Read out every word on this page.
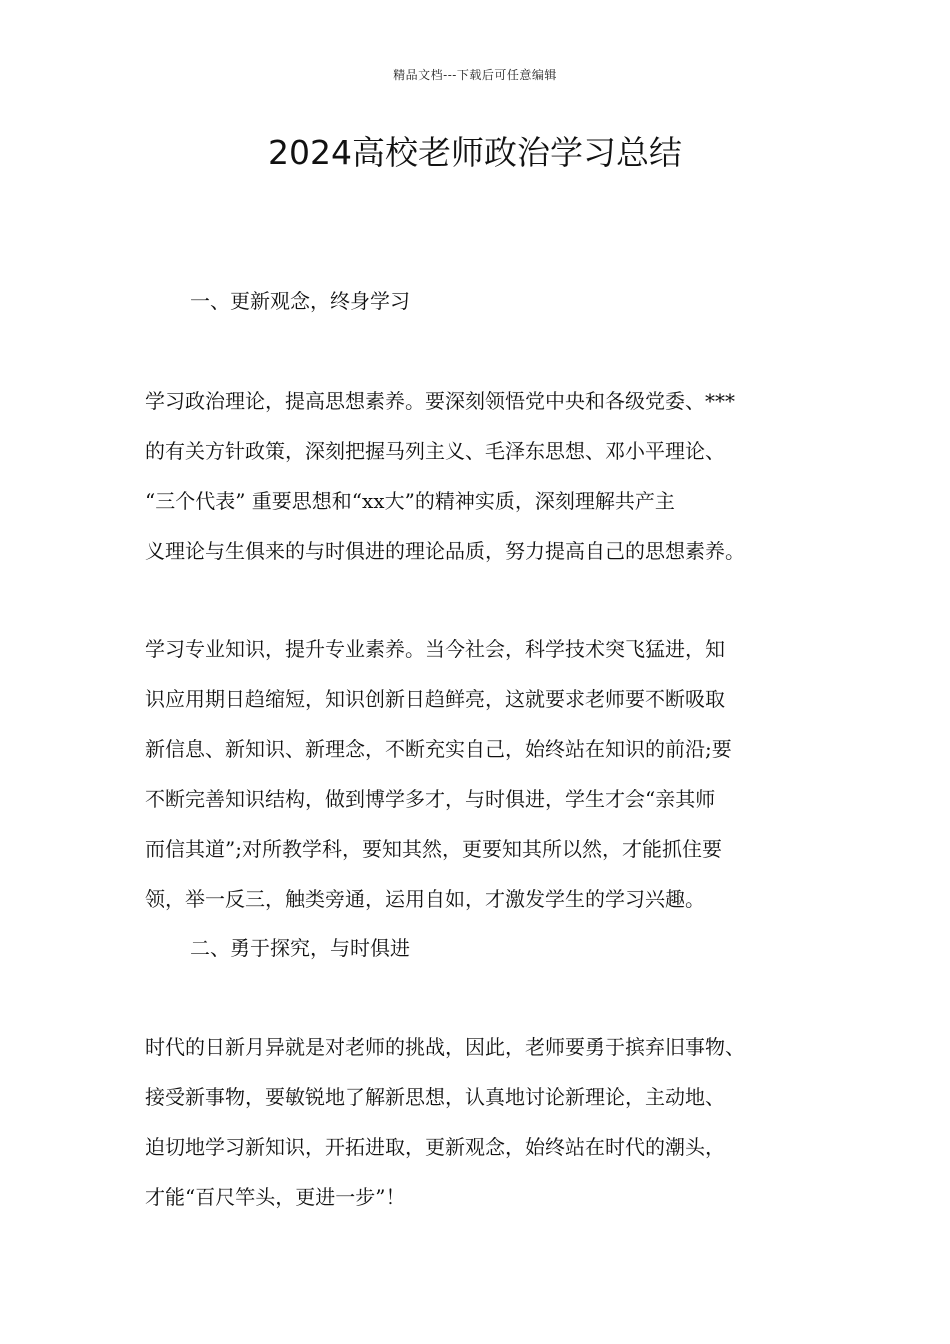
精品文档---下载后可任意编辑
2024高校老师政治学习总结
一、更新观念，终身学习
学习政治理论，提高思想素养。要深刻领悟党中央和各级党委、***
的有关方针政策，深刻把握马列主义、毛泽东思想、邓小平理论、
“三个代表” 重要思想和“xx大”的精神实质，深刻理解共产主
义理论与生俱来的与时俱进的理论品质，努力提高自己的思想素养。
学习专业知识，提升专业素养。当今社会，科学技术突飞猛进，知
识应用期日趋缩短，知识创新日趋鲜亮，这就要求老师要不断吸取
新信息、新知识、新理念，不断充实自己，始终站在知识的前沿;要
不断完善知识结构，做到博学多才，与时俱进，学生才会“亲其师
而信其道”;对所教学科，要知其然，更要知其所以然，才能抓住要
领，举一反三，触类旁通，运用自如，才激发学生的学习兴趣。
二、勇于探究，与时俱进
时代的日新月异就是对老师的挑战，因此，老师要勇于摈弃旧事物、
接受新事物，要敏锐地了解新思想，认真地讨论新理论，主动地、
迫切地学习新知识，开拓进取，更新观念，始终站在时代的潮头，
才能“百尺竿头，更进一步”！
